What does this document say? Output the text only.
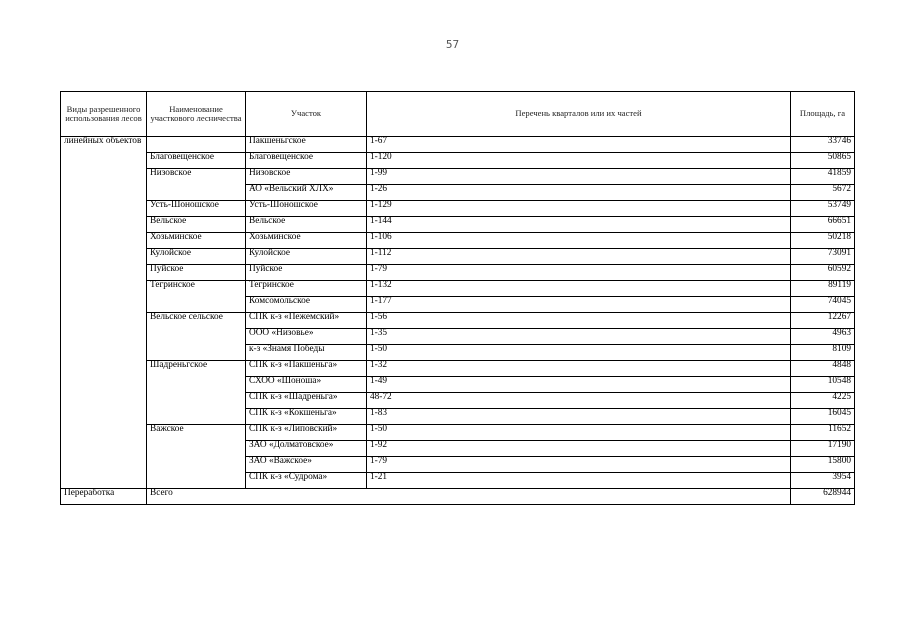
57
Виды разрешенного использования лесов	Наименование участкового лесничества	Участок	Перечень кварталов или их частей	Площадь, га
линейных объектов		Пакшеньгское	1-67	33746
	Благовещенское	Благовещенское	1-120	50865
	Низовское	Низовское	1-99	41859
		АО «Вельский ХЛХ»	1-26	5672
	Усть-Шоношское	Усть-Шоношское	1-129	53749
	Вельское	Вельское	1-144	66651
	Хозьминское	Хозьминское	1-106	50218
	Кулойское	Кулойское	1-112	73091
	Пуйское	Пуйское	1-79	60592
	Тегринское	Тегринское	1-132	89119
		Комсомольское	1-177	74045
	Вельское сельское	СПК к-з «Пежемский»	1-56	12267
		ООО «Низовье»	1-35	4963
		к-з «Знамя Победы	1-50	8109
	Шадреньгское	СПК к-з «Пакшеньга»	1-32	4848
		СХОО «Шоноша»	1-49	10548
		СПК к-з «Шадреньга»	48-72	4225
		СПК к-з «Кокшеньга»	1-83	16045
	Важское	СПК к-з «Липовский»	1-50	11652
		ЗАО «Долматовское»	1-92	17190
		ЗАО «Важское»	1-79	15800
		СПК к-з «Судрома»	1-21	3954
Переработка	Всего			628944
